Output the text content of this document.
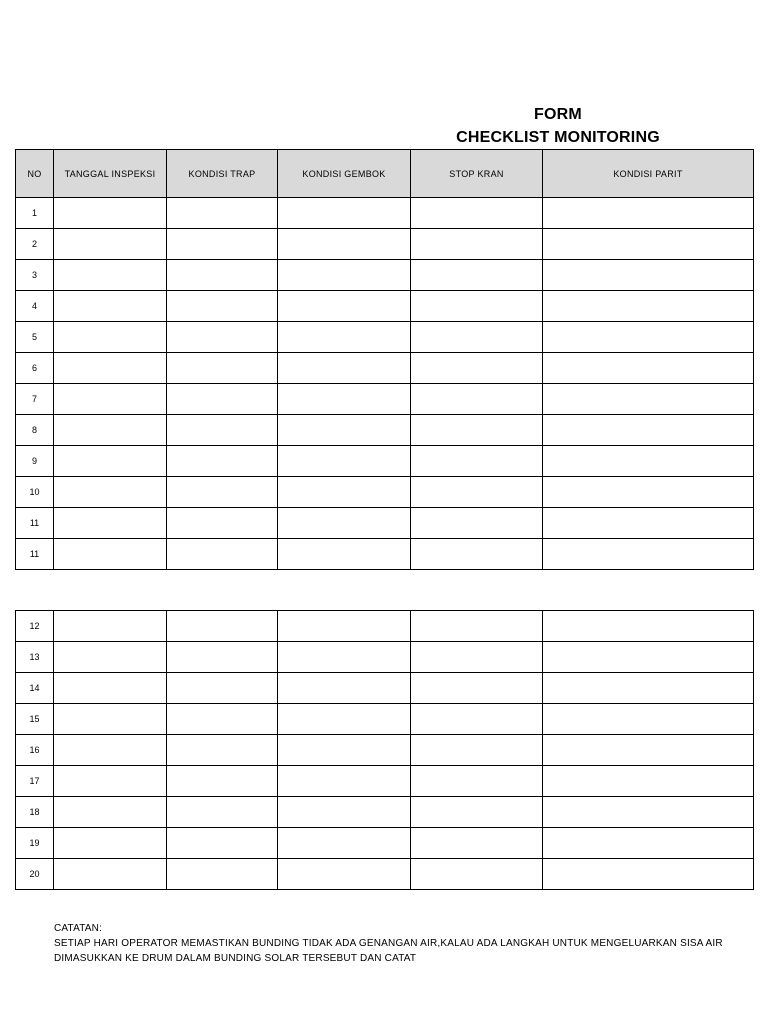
FORM
CHECKLIST MONITORING
NO	TANGGAL INSPEKSI	KONDISI TRAP	KONDISI GEMBOK	STOP KRAN	KONDISI PARIT
1					
2					
3					
4					
5					
6					
7					
8					
9					
10					
11					
11					
12					
13					
14					
15					
16					
17					
18					
19					
20					
CATATAN:
SETIAP HARI OPERATOR MEMASTIKAN BUNDING TIDAK ADA GENANGAN AIR,KALAU ADA LANGKAH UNTUK MENGELUARKAN SISA AIR
DIMASUKKAN KE DRUM DALAM BUNDING SOLAR TERSEBUT DAN CATAT
